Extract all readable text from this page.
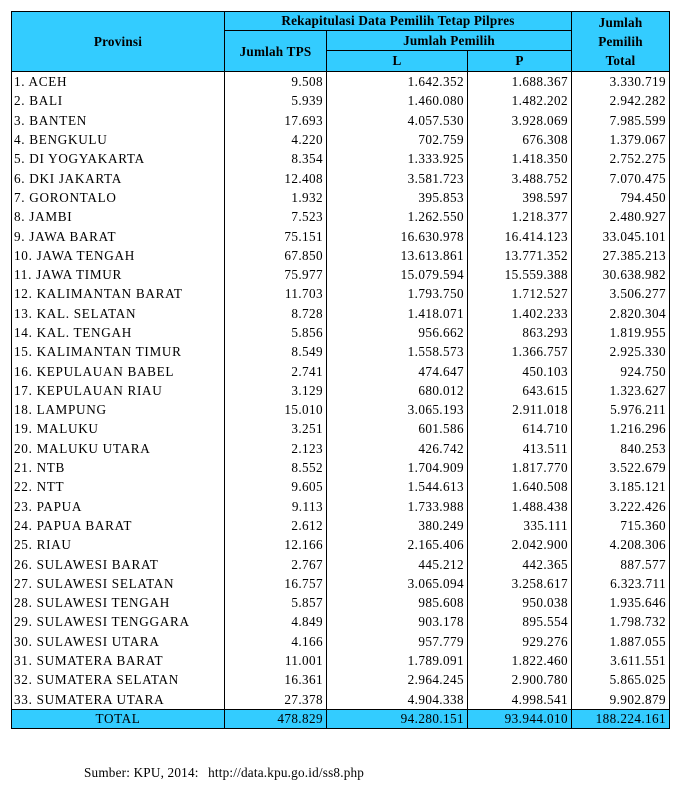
Provinsi	Rekapitulasi Data Pemilih Tetap Pilpres			Jumlah
Pemilih
Total
	Jumlah TPS	Jumlah Pemilih		
		L	P	
1. ACEH	9.508	1.642.352	1.688.367	3.330.719
2. BALI	5.939	1.460.080	1.482.202	2.942.282
3. BANTEN	17.693	4.057.530	3.928.069	7.985.599
4. BENGKULU	4.220	702.759	676.308	1.379.067
5. DI YOGYAKARTA	8.354	1.333.925	1.418.350	2.752.275
6. DKI JAKARTA	12.408	3.581.723	3.488.752	7.070.475
7. GORONTALO	1.932	395.853	398.597	794.450
8. JAMBI	7.523	1.262.550	1.218.377	2.480.927
9. JAWA BARAT	75.151	16.630.978	16.414.123	33.045.101
10. JAWA TENGAH	67.850	13.613.861	13.771.352	27.385.213
11. JAWA TIMUR	75.977	15.079.594	15.559.388	30.638.982
12. KALIMANTAN BARAT	11.703	1.793.750	1.712.527	3.506.277
13. KAL. SELATAN	8.728	1.418.071	1.402.233	2.820.304
14. KAL. TENGAH	5.856	956.662	863.293	1.819.955
15. KALIMANTAN TIMUR	8.549	1.558.573	1.366.757	2.925.330
16. KEPULAUAN BABEL	2.741	474.647	450.103	924.750
17. KEPULAUAN RIAU	3.129	680.012	643.615	1.323.627
18. LAMPUNG	15.010	3.065.193	2.911.018	5.976.211
19. MALUKU	3.251	601.586	614.710	1.216.296
20. MALUKU UTARA	2.123	426.742	413.511	840.253
21. NTB	8.552	1.704.909	1.817.770	3.522.679
22. NTT	9.605	1.544.613	1.640.508	3.185.121
23. PAPUA	9.113	1.733.988	1.488.438	3.222.426
24. PAPUA BARAT	2.612	380.249	335.111	715.360
25. RIAU	12.166	2.165.406	2.042.900	4.208.306
26. SULAWESI BARAT	2.767	445.212	442.365	887.577
27. SULAWESI SELATAN	16.757	3.065.094	3.258.617	6.323.711
28. SULAWESI TENGAH	5.857	985.608	950.038	1.935.646
29. SULAWESI TENGGARA	4.849	903.178	895.554	1.798.732
30. SULAWESI UTARA	4.166	957.779	929.276	1.887.055
31. SUMATERA BARAT	11.001	1.789.091	1.822.460	3.611.551
32. SUMATERA SELATAN	16.361	2.964.245	2.900.780	5.865.025
33. SUMATERA UTARA	27.378	4.904.338	4.998.541	9.902.879
TOTAL	478.829	94.280.151	93.944.010	188.224.161
Sumber: KPU, 2014: http://data.kpu.go.id/ss8.php
